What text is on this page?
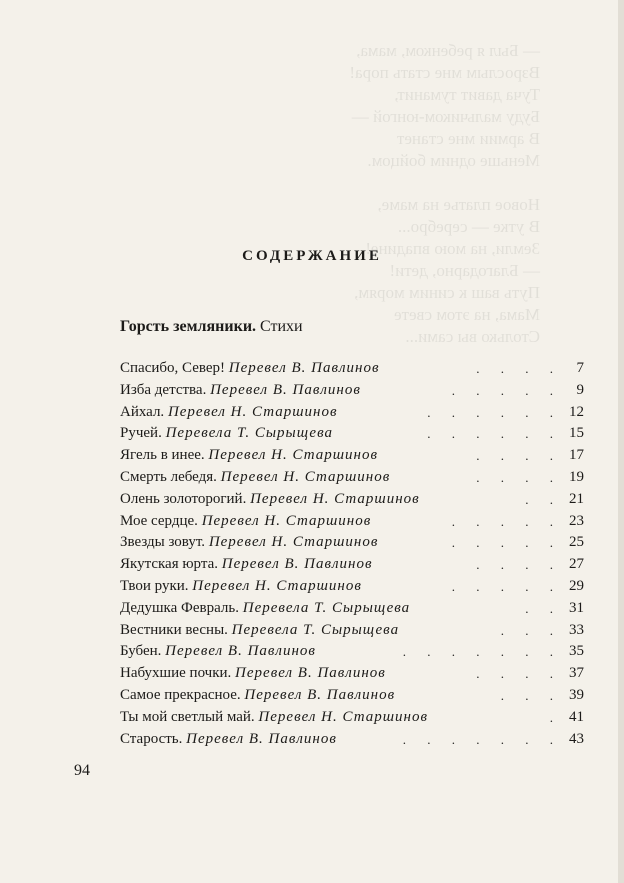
— Был я ребенком, мама,
Взрослым мне стать пора!
Туча давит туманит,
Буду мальчиком-юнгой —
В армии мне станет
Меньше одним бойцом.

Новое платье на маме,
В утке — серебро...
Земли, на мою впадине!
— Благодарно, дети!
Путь ваш к синим морям,
Мама, на этом свете
Столько вы сами...
СОДЕРЖАНИЕ
Горсть земляники. Стихи
. . . .
Спасибо, Север! Перевел В. Павлинов	7
. . . . .
Изба детства. Перевел В. Павлинов	9
. . . . . .
Айхал. Перевел Н. Старшинов	12
. . . . . .
Ручей. Перевела Т. Сырыщева	15
. . . .
Ягель в инее. Перевел Н. Старшинов	17
. . . .
Смерть лебедя. Перевел Н. Старшинов	19
. .
Олень золоторогий. Перевел Н. Старшинов	21
. . . . .
Мое сердце. Перевел Н. Старшинов	23
. . . . .
Звезды зовут. Перевел Н. Старшинов	25
. . . .
Якутская юрта. Перевел В. Павлинов	27
. . . . .
Твои руки. Перевел Н. Старшинов	29
. .
Дедушка Февраль. Перевела Т. Сырыщева	31
. . .
Вестники весны. Перевела Т. Сырыщева	33
. . . . . . .
Бубен. Перевел В. Павлинов	35
. . . .
Набухшие почки. Перевел В. Павлинов	37
. . .
Самое прекрасное. Перевел В. Павлинов	39
.
Ты мой светлый май. Перевел Н. Старшинов	41
. . . . . . .
Старость. Перевел В. Павлинов	43
94
